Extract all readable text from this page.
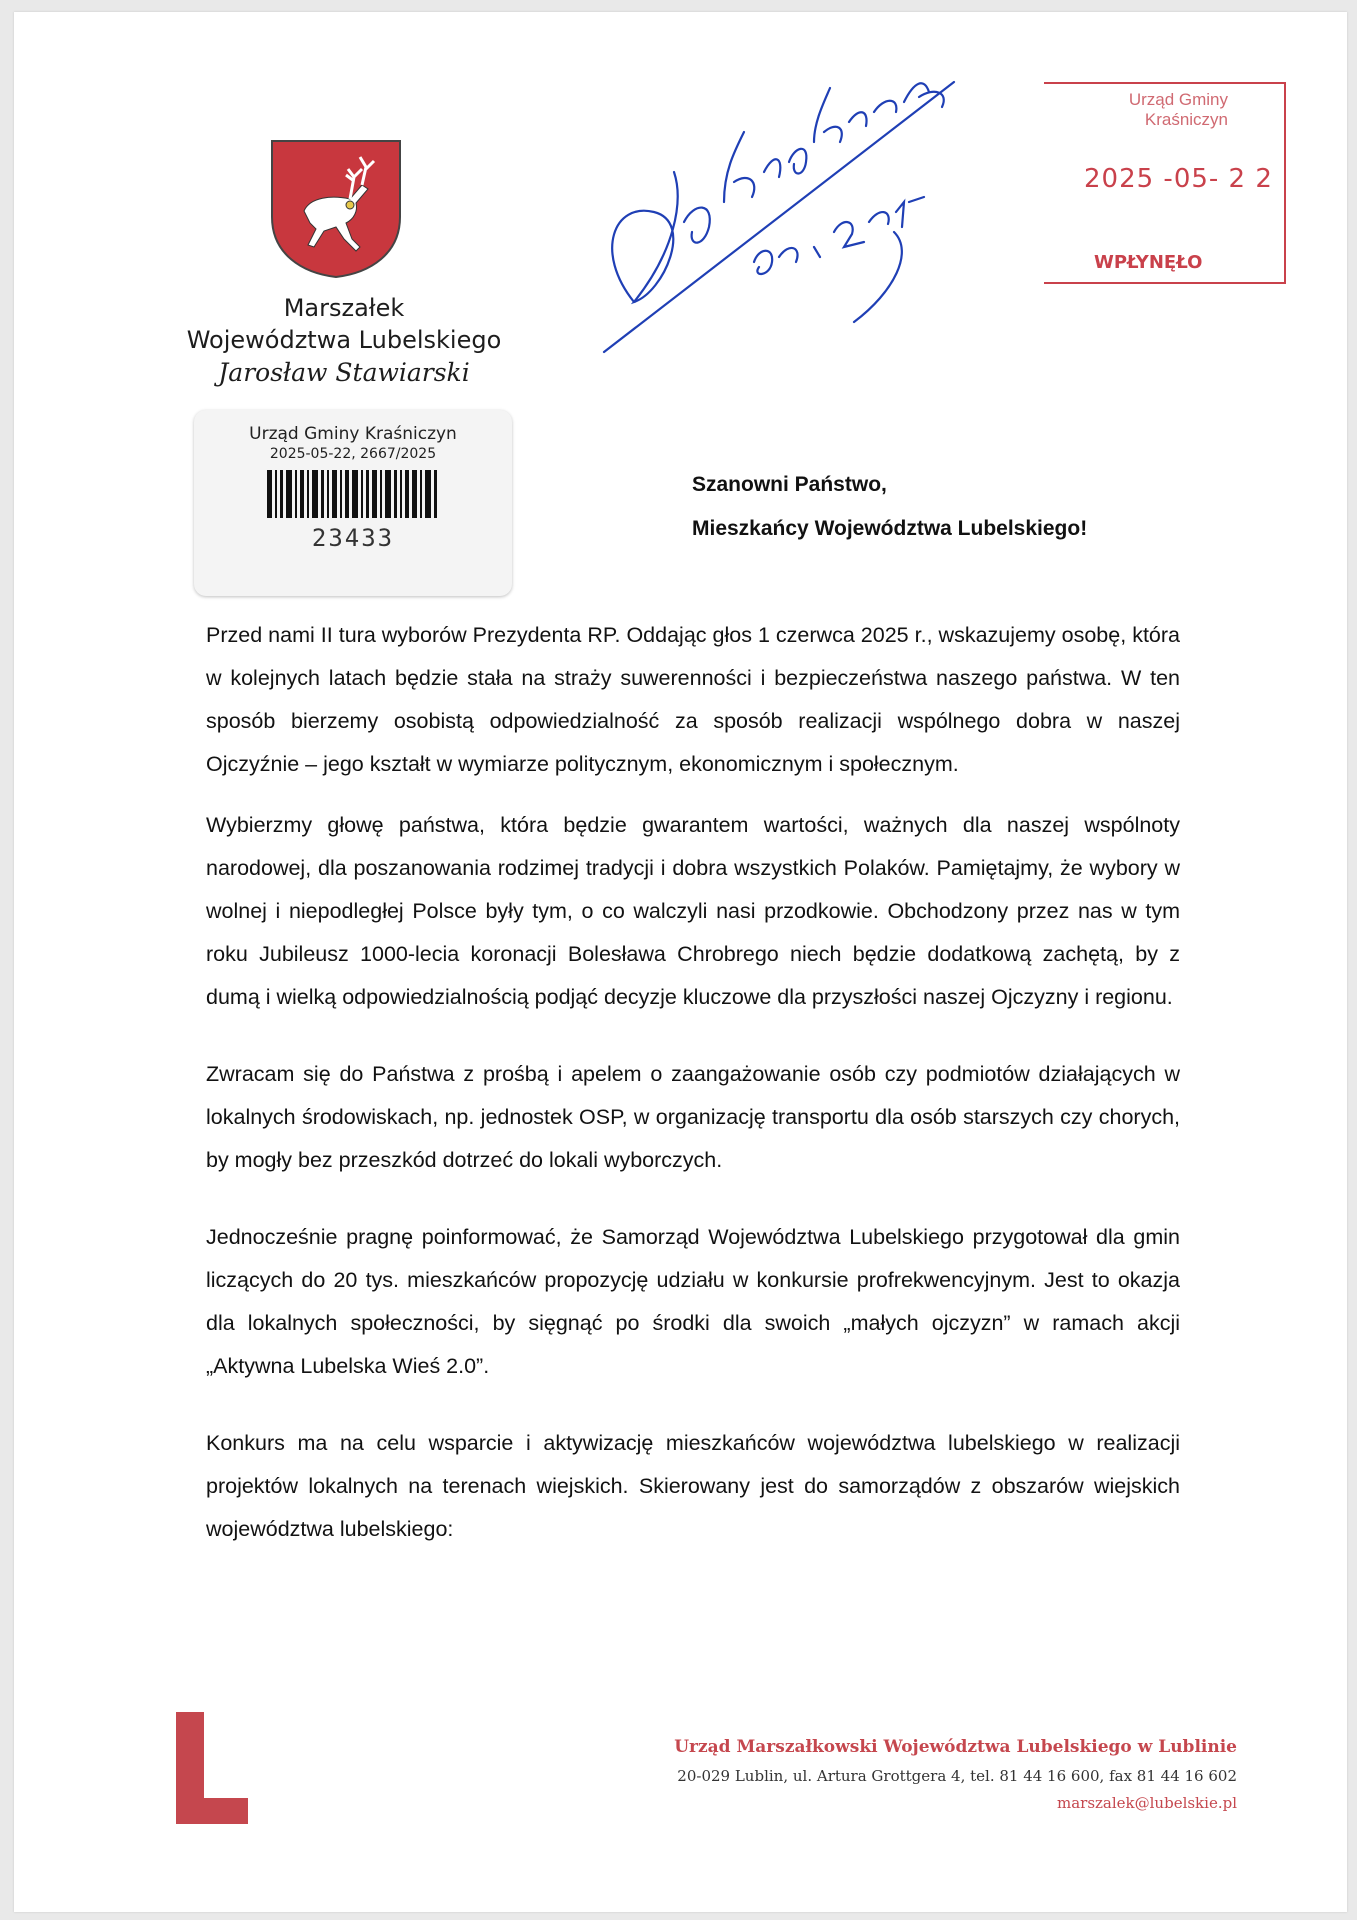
Marszałek
Województwa Lubelskiego
Jarosław Stawiarski
Urząd Gminy Kraśniczyn
2025-05-22, 2667/2025
23433
Urząd Gminy
Kraśniczyn
2025 -05- 2 2
WPŁYNĘŁO
Szanowni Państwo,
Mieszkańcy Województwa Lubelskiego!

Przed nami II tura wyborów Prezydenta RP. Oddając głos 1 czerwca 2025 r., wskazujemy osobę, która w kolejnych latach będzie stała na straży suwerenności i bezpieczeństwa naszego państwa. W ten sposób bierzemy osobistą odpowiedzialność za sposób realizacji wspólnego dobra w naszej Ojczyźnie – jego kształt w wymiarze politycznym, ekonomicznym i społecznym.

Wybierzmy głowę państwa, która będzie gwarantem wartości, ważnych dla naszej wspólnoty narodowej, dla poszanowania rodzimej tradycji i dobra wszystkich Polaków. Pamiętajmy, że wybory w wolnej i niepodległej Polsce były tym, o co walczyli nasi przodkowie. Obchodzony przez nas w tym roku Jubileusz 1000-lecia koronacji Bolesława Chrobrego niech będzie dodatkową zachętą, by z dumą i wielką odpowiedzialnością podjąć decyzje kluczowe dla przyszłości naszej Ojczyzny i regionu.

Zwracam się do Państwa z prośbą i apelem o zaangażowanie osób czy podmiotów działających w lokalnych środowiskach, np. jednostek OSP, w organizację transportu dla osób starszych czy chorych, by mogły bez przeszkód dotrzeć do lokali wyborczych.

Jednocześnie pragnę poinformować, że Samorząd Województwa Lubelskiego przygotował dla gmin liczących do 20 tys. mieszkańców propozycję udziału w konkursie profrekwencyjnym. Jest to okazja dla lokalnych społeczności, by sięgnąć po środki dla swoich „małych ojczyzn” w ramach akcji „Aktywna Lubelska Wieś 2.0”.

Konkurs ma na celu wsparcie i aktywizację mieszkańców województwa lubelskiego w realizacji projektów lokalnych na terenach wiejskich. Skierowany jest do samorządów z obszarów wiejskich województwa lubelskiego:

Urząd Marszałkowski Województwa Lubelskiego w Lublinie
20-029 Lublin, ul. Artura Grottgera 4, tel. 81 44 16 600, fax 81 44 16 602
marszalek@lubelskie.pl
